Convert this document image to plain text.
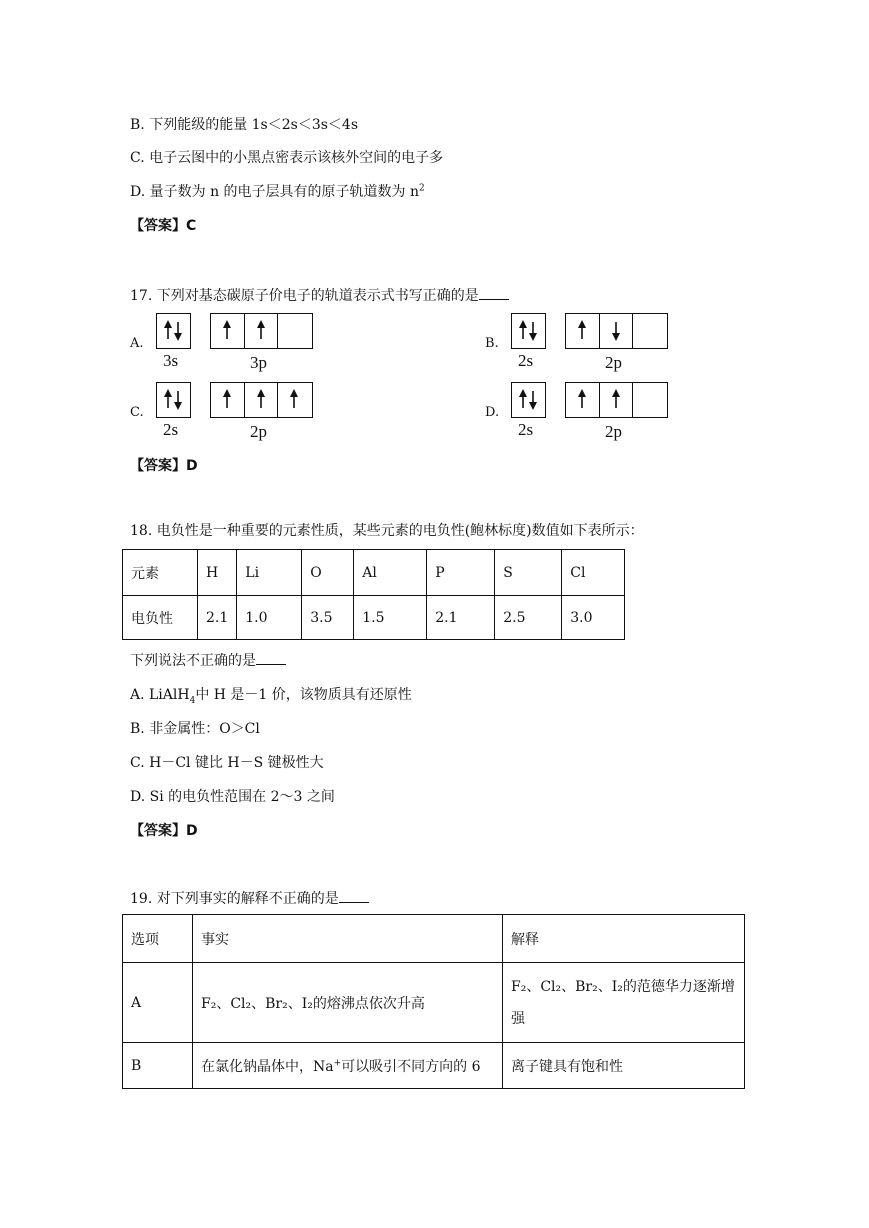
B. 下列能级的能量 1s＜2s＜3s＜4s
C. 电子云图中的小黑点密表示该核外空间的电子多
D. 量子数为 n 的电子层具有的原子轨道数为 $n^2$
【答案】C
17. 下列对基态碳原子价电子的轨道表示式书写正确的是
A.
3s	3p
B.
2s	2p
C.
2s	2p
D.
2s	2p
【答案】D
18. 电负性是一种重要的元素性质，某些元素的电负性(鲍林标度)数值如下表所示：
元素	H	Li	O	Al	P	S	Cl
电负性	2.1	1.0	3.5	1.5	2.1	2.5	3.0
下列说法不正确的是
A. LiAlH$_4$中 H 是－1 价，该物质具有还原性
B. 非金属性：O＞Cl
C. H－Cl 键比 H－S 键极性大
D. Si 的电负性范围在 2～3 之间
【答案】D
19. 对下列事实的解释不正确的是
选项	事实	解释
A	F₂、Cl₂、Br₂、I₂的熔沸点依次升高	F₂、Cl₂、Br₂、I₂的范德华力逐渐增
强

B	在氯化钠晶体中，Na+可以吸引不同方向的 6	离子键具有饱和性
